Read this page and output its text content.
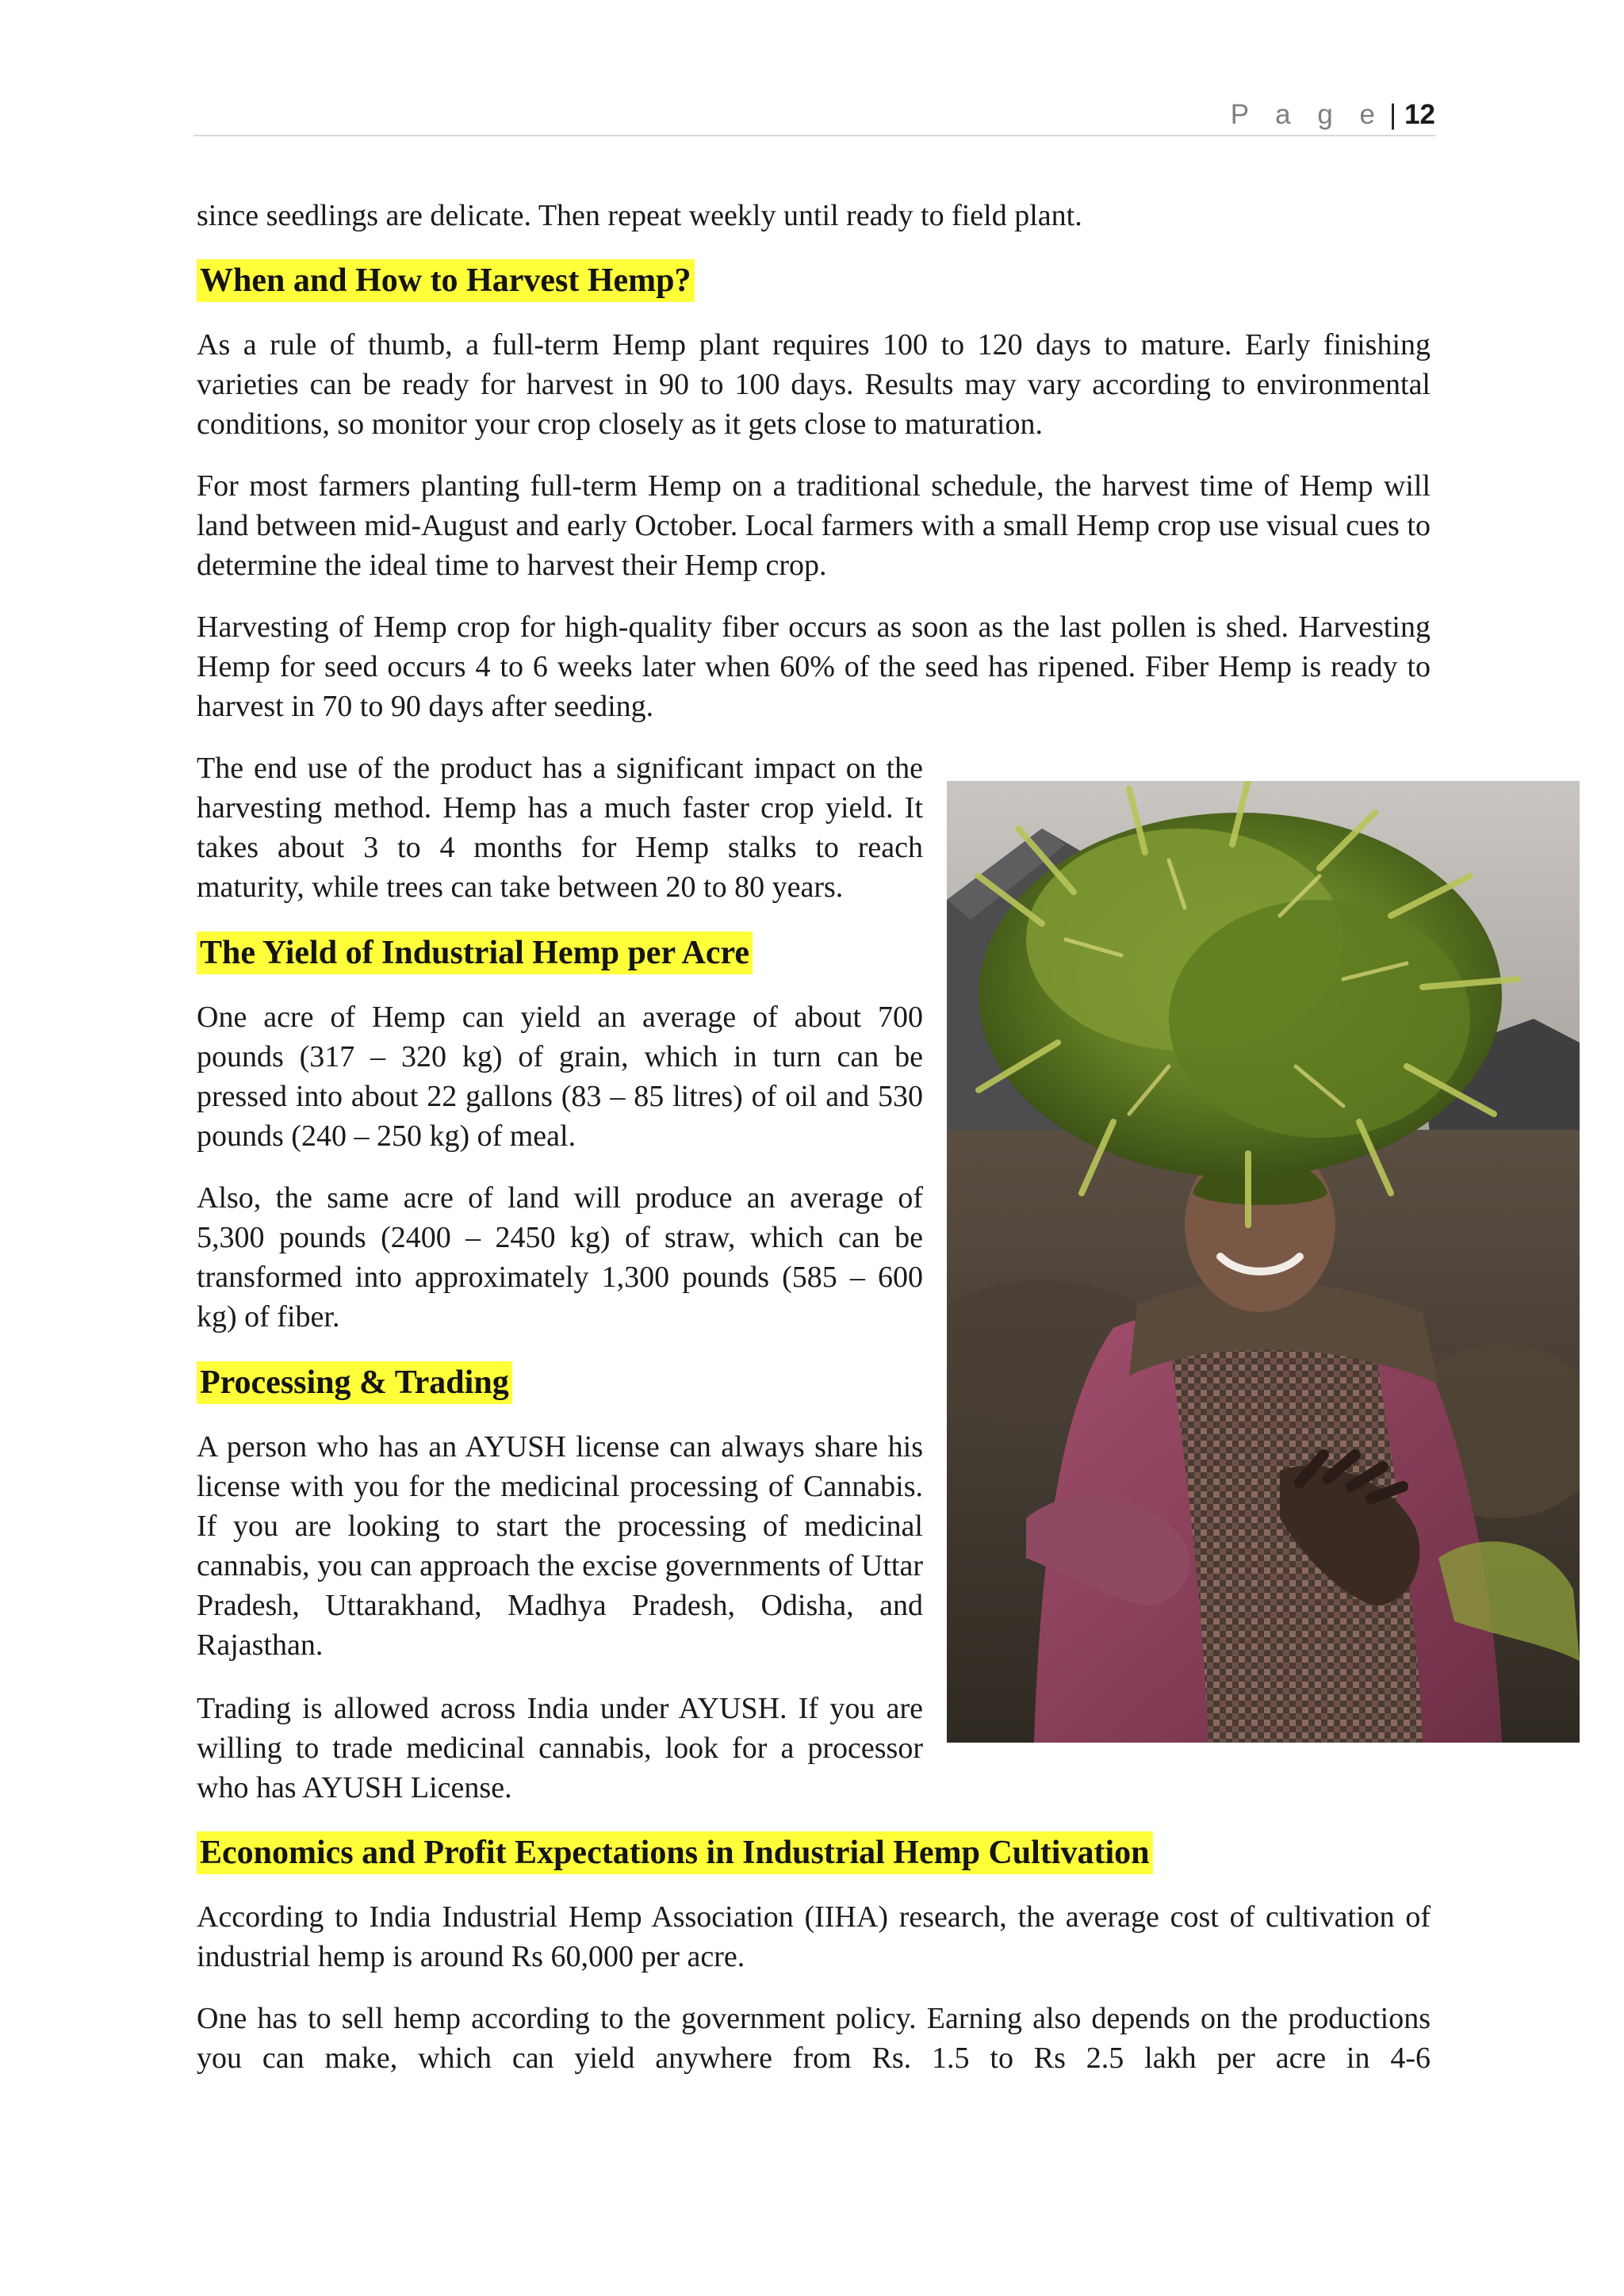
P a g e | 12
since seedlings are delicate. Then repeat weekly until ready to field plant.
When and How to Harvest Hemp?
As a rule of thumb, a full-term Hemp plant requires 100 to 120 days to mature. Early finishing varieties can be ready for harvest in 90 to 100 days. Results may vary according to environmental conditions, so monitor your crop closely as it gets close to maturation.
For most farmers planting full-term Hemp on a traditional schedule, the harvest time of Hemp will land between mid-August and early October. Local farmers with a small Hemp crop use visual cues to determine the ideal time to harvest their Hemp crop.
Harvesting of Hemp crop for high-quality fiber occurs as soon as the last pollen is shed. Harvesting Hemp for seed occurs 4 to 6 weeks later when 60% of the seed has ripened. Fiber Hemp is ready to harvest in 70 to 90 days after seeding.
The end use of the product has a significant impact on the harvesting method. Hemp has a much faster crop yield. It takes about 3 to 4 months for Hemp stalks to reach maturity, while trees can take between 20 to 80 years.
The Yield of Industrial Hemp per Acre
One acre of Hemp can yield an average of about 700 pounds (317 – 320 kg) of grain, which in turn can be pressed into about 22 gallons (83 – 85 litres) of oil and 530 pounds (240 – 250 kg) of meal.
Also, the same acre of land will produce an average of 5,300 pounds (2400 – 2450 kg) of straw, which can be transformed into approximately 1,300 pounds (585 – 600 kg) of fiber.
Processing & Trading
A person who has an AYUSH license can always share his license with you for the medicinal processing of Cannabis. If you are looking to start the processing of medicinal cannabis, you can approach the excise governments of Uttar Pradesh, Uttarakhand, Madhya Pradesh, Odisha, and Rajasthan.
Trading is allowed across India under AYUSH. If you are willing to trade medicinal cannabis, look for a processor who has AYUSH License.
Economics and Profit Expectations in Industrial Hemp Cultivation
According to India Industrial Hemp Association (IIHA) research, the average cost of cultivation of industrial hemp is around Rs 60,000 per acre.
One has to sell hemp according to the government policy. Earning also depends on the productions you can make, which can yield anywhere from Rs. 1.5 to Rs 2.5 lakh per acre in 4-6
